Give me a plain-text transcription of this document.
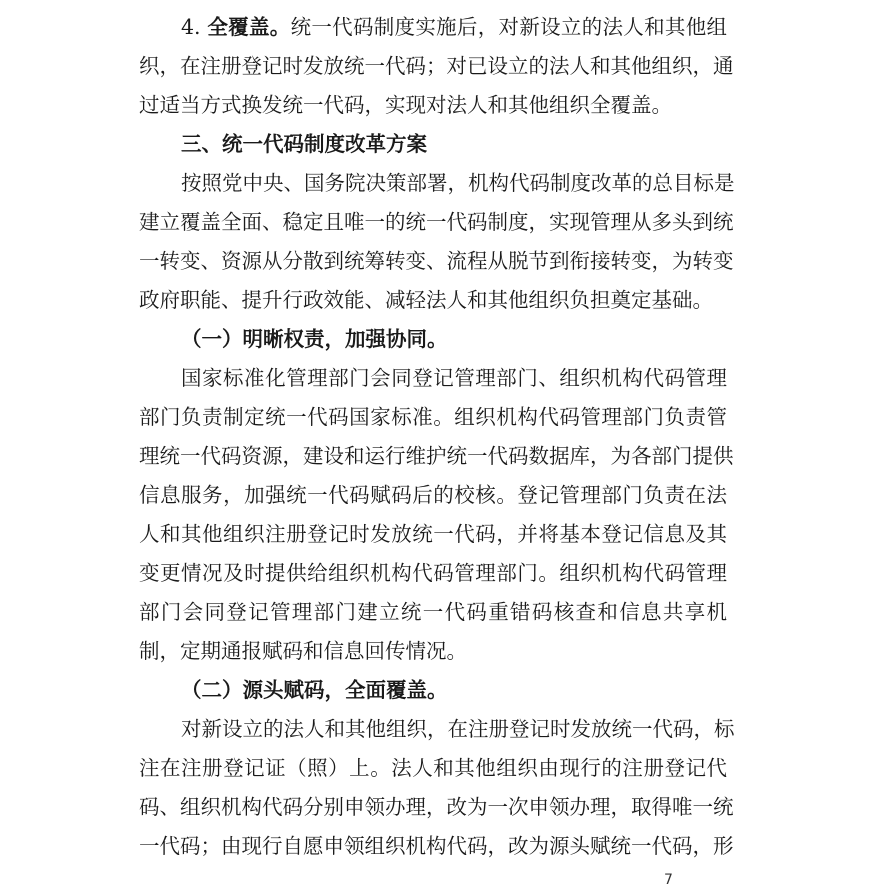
4. 全覆盖。统一代码制度实施后，对新设立的法人和其他组
织，在注册登记时发放统一代码；对已设立的法人和其他组织，通
过适当方式换发统一代码，实现对法人和其他组织全覆盖。
三、统一代码制度改革方案
按照党中央、国务院决策部署，机构代码制度改革的总目标是
建立覆盖全面、稳定且唯一的统一代码制度，实现管理从多头到统
一转变、资源从分散到统筹转变、流程从脱节到衔接转变，为转变
政府职能、提升行政效能、减轻法人和其他组织负担奠定基础。
（一）明晰权责，加强协同。
国家标准化管理部门会同登记管理部门、组织机构代码管理
部门负责制定统一代码国家标准。组织机构代码管理部门负责管
理统一代码资源，建设和运行维护统一代码数据库，为各部门提供
信息服务，加强统一代码赋码后的校核。登记管理部门负责在法
人和其他组织注册登记时发放统一代码，并将基本登记信息及其
变更情况及时提供给组织机构代码管理部门。组织机构代码管理
部门会同登记管理部门建立统一代码重错码核查和信息共享机
制，定期通报赋码和信息回传情况。
（二）源头赋码，全面覆盖。
对新设立的法人和其他组织，在注册登记时发放统一代码，标
注在注册登记证（照）上。法人和其他组织由现行的注册登记代
码、组织机构代码分别申领办理，改为一次申领办理，取得唯一统
一代码；由现行自愿申领组织机构代码，改为源头赋统一代码，形
7
